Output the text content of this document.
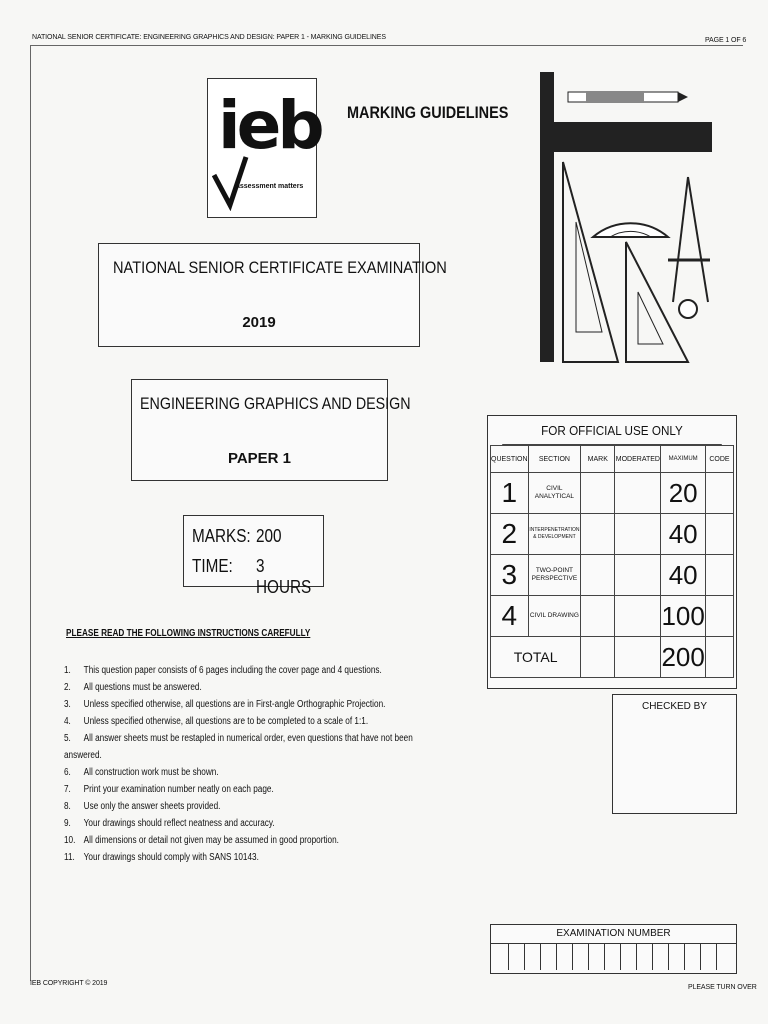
NATIONAL SENIOR CERTIFICATE: ENGINEERING GRAPHICS AND DESIGN: PAPER 1 - MARKING GUIDELINES	PAGE 1 OF 6
ieb
assessment matters
MARKING GUIDELINES
NATIONAL SENIOR CERTIFICATE EXAMINATION
2019
ENGINEERING GRAPHICS AND DESIGN
PAPER 1
MARKS: 200
TIME: 3 HOURS
PLEASE READ THE FOLLOWING INSTRUCTIONS CAREFULLY
1. This question paper consists of 6 pages including the cover page and 4 questions.
2. All questions must be answered.
3. Unless specified otherwise, all questions are in First-angle Orthographic Projection.
4. Unless specified otherwise, all questions are to be completed to a scale of 1:1.
5. All answer sheets must be restapled in numerical order, even questions that have not been answered.
6. All construction work must be shown.
7. Print your examination number neatly on each page.
8. Use only the answer sheets provided.
9. Your drawings should reflect neatness and accuracy.
10. All dimensions or detail not given may be assumed in good proportion.
11. Your drawings should comply with SANS 10143.
FOR OFFICIAL USE ONLY
QUESTION	SECTION	MARK	MODERATED	MAXIMUM	CODE
1	CIVIL ANALYTICAL			20	
2	INTERPENETRATION & DEVELOPMENT			40	
3	TWO-POINT PERSPECTIVE			40	
4	CIVIL DRAWING			100	
TOTAL				200	
CHECKED BY
EXAMINATION NUMBER
IEB COPYRIGHT © 2019
PLEASE TURN OVER
